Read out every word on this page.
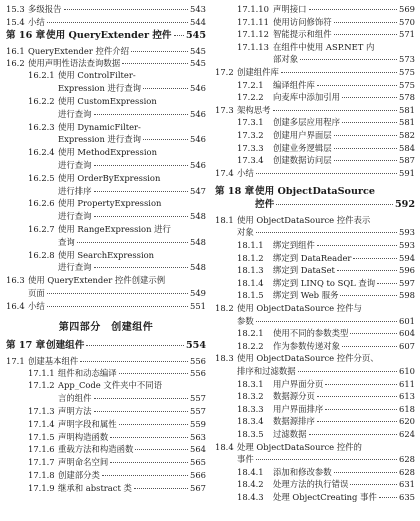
15.3 多级报告	543
15.4 小结	544
第 16 章 使用 QueryExtender 控件 545
16.1 QueryExtender 控件介绍	545
16.2 使用声明性语法查询数据	545
16.2.1 使用 ControlFilter-
Expression 进行查询	546
16.2.2 使用 CustomExpression
进行查询	546
16.2.3 使用 DynamicFilter-
Expression 进行查询	546
16.2.4 使用 MethodExpression
进行查询	546
16.2.5 使用 OrderByExpression
进行排序	547
16.2.6 使用 PropertyExpression
进行查询	548
16.2.7 使用 RangeExpression 进行
查询	548
16.2.8 使用 SearchExpression
进行查询	548
16.3 使用 QueryExtender 控件创建示例
页面	549
16.4 小结	551
第四部分　创建组件
第 17 章 创建组件	554
17.1 创建基本组件	556
17.1.1 组件和动态编译	556
17.1.2 App_Code 文件夹中不同语
言的组件	557
17.1.3 声明方法	557
17.1.4 声明字段和属性	559
17.1.5 声明构造函数	563
17.1.6 重载方法和构造函数	564
17.1.7 声明命名空间	565
17.1.8 创建部分类	566
17.1.9 继承和 abstract 类	567
17.1.10 声明接口	569
17.1.11 使用访问修饰符	570
17.1.12 智能提示和组件	571
17.1.13 在组件中使用 ASP.NET 内
部对象	573
17.2 创建组件库	575
17.2.1 编译组件库	575
17.2.2 向麦库中添加引用	578
17.3 架构思考	581
17.3.1 创建多层应用程序	581
17.3.2 创建用户界面层	582
17.3.3 创建业务逻辑层	584
17.3.4 创建数据访问层	587
17.4 小结	591
第 18 章 使用 ObjectDataSource
控件	592
18.1 使用 ObjectDataSource 控件表示
对象	593
18.1.1 绑定到组件	593
18.1.2 绑定到 DataReader	594
18.1.3 绑定到 DataSet	596
18.1.4 绑定到 LINQ to SQL 查询	597
18.1.5 绑定到 Web 服务	598
18.2 使用 ObjectDataSource 控件与
参数	601
18.2.1 使用不同的参数类型	604
18.2.2 作为参数传递对象	607
18.3 使用 ObjectDataSource 控件分页、
排序和过滤数据	610
18.3.1 用户界面分页	611
18.3.2 数据源分页	613
18.3.3 用户界面排序	618
18.3.4 数据源排序	620
18.3.5 过滤数据	624
18.4 处理 ObjectDataSource 控件的
事件	628
18.4.1 添加和修改参数	628
18.4.2 处理方法的执行错误	631
18.4.3 处理 ObjectCreating 事件	635
